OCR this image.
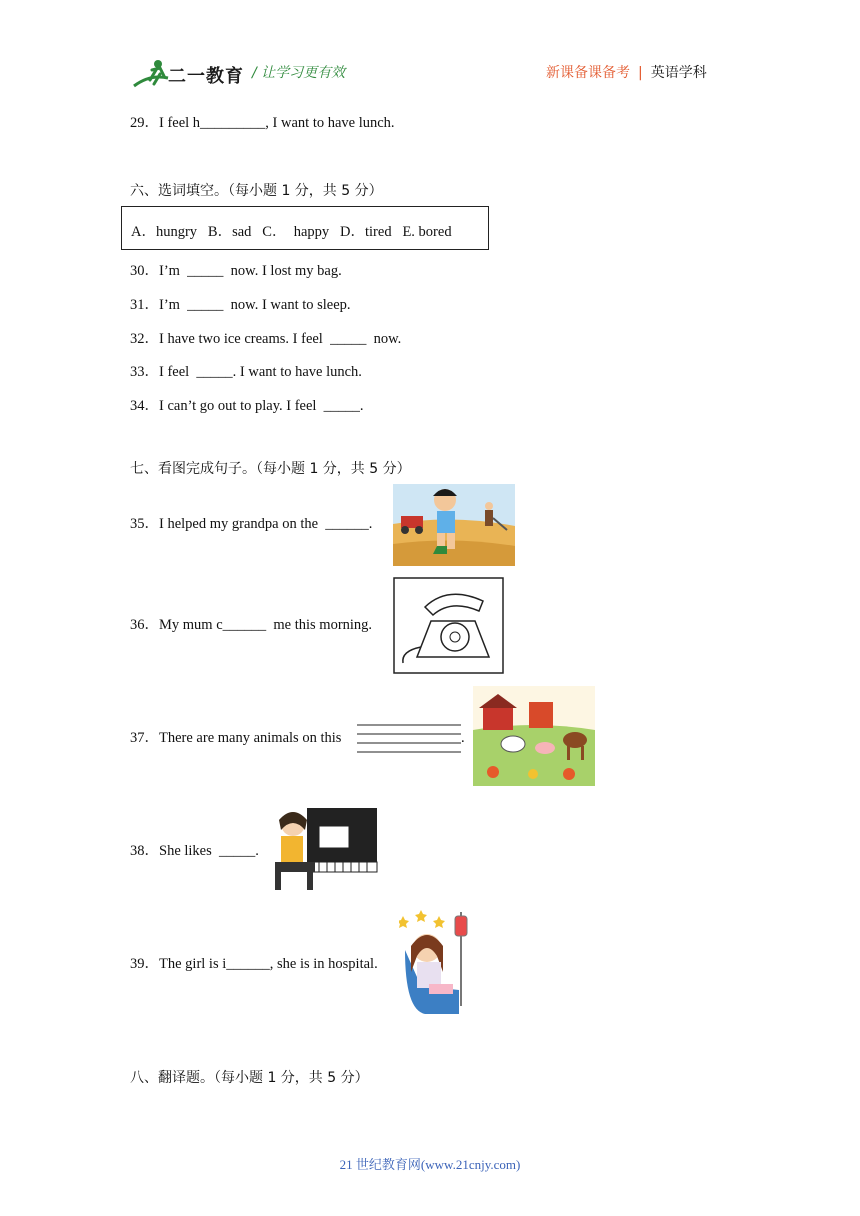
二一教育 / 让学习更有效	新课备课备考 | 英语学科
29．I feel h_________, I want to have lunch.
六、选词填空。（每小题 1 分，共 5 分）
A．hungry   B．sad   C．  happy   D．tired   E. bored
30．I’m  _____  now. I lost my bag.
31．I’m  _____  now. I want to sleep.
32．I have two ice creams. I feel  _____  now.
33．I feel  _____. I want to have lunch.
34．I can’t go out to play. I feel  _____.
七、看图完成句子。（每小题 1 分，共 5 分）
35．I helped my grandpa on the  ______.
36．My mum c______  me this morning.
37．There are many animals on this	.
38．She likes  _____.
39．The girl is i______, she is in hospital.
八、翻译题。（每小题 1 分，共 5 分）
21 世纪教育网(www.21cnjy.com)
